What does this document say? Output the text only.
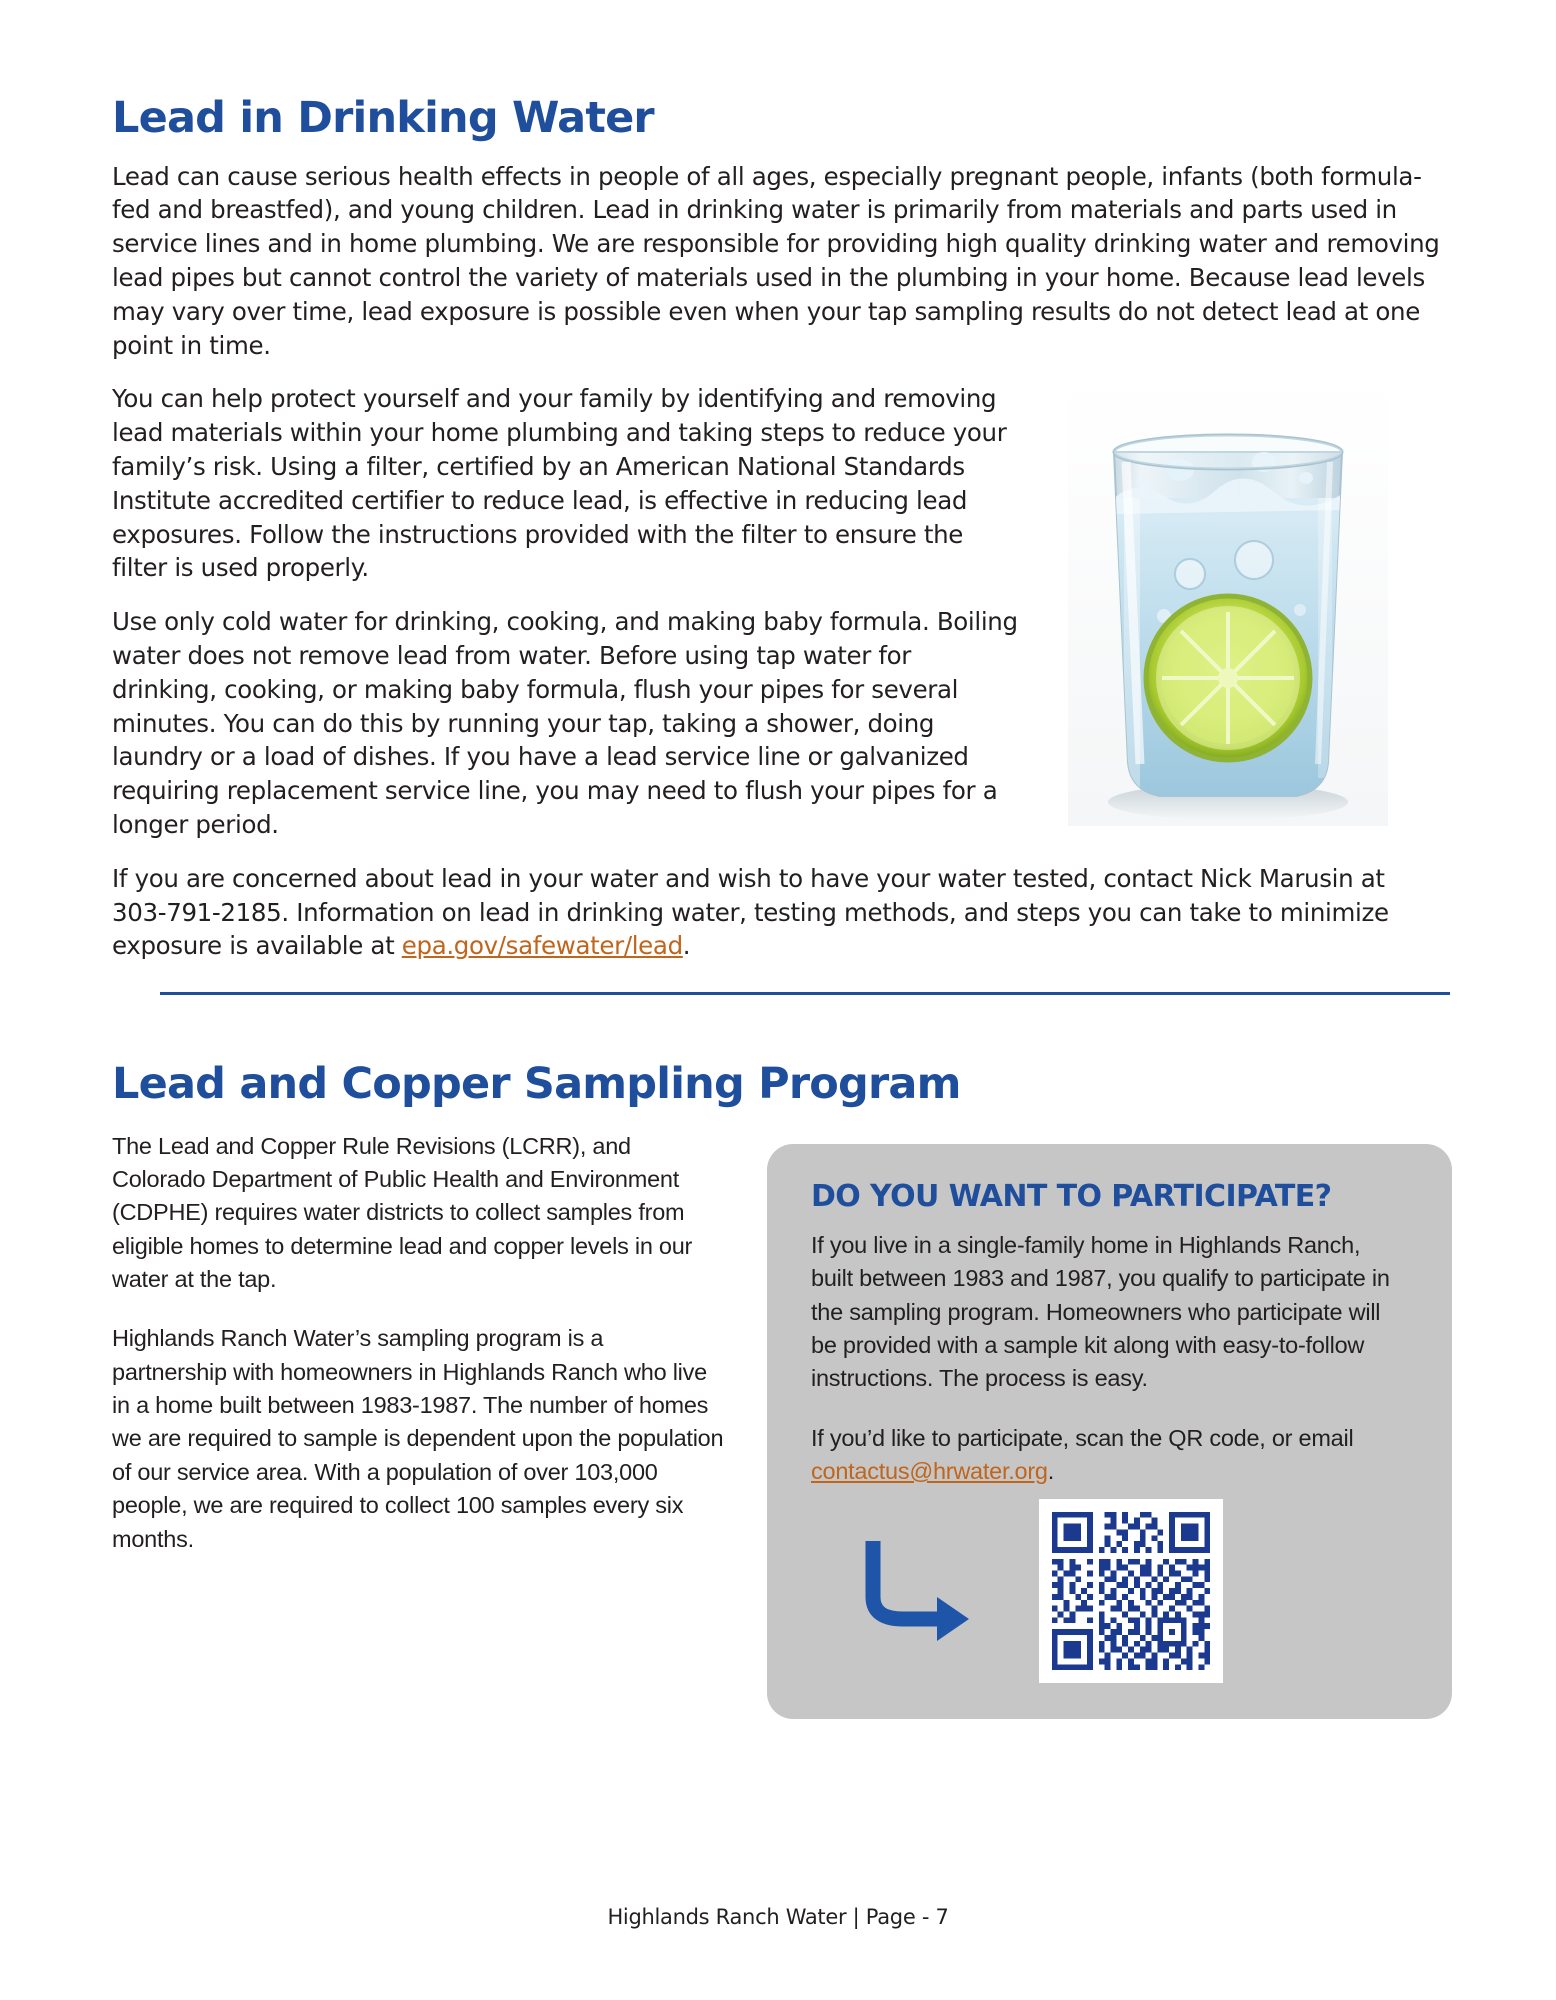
Lead in Drinking Water

Lead can cause serious health effects in people of all ages, especially pregnant people, infants (both formula-fed and breastfed), and young children. Lead in drinking water is primarily from materials and parts used in service lines and in home plumbing. We are responsible for providing high quality drinking water and removing lead pipes but cannot control the variety of materials used in the plumbing in your home. Because lead levels may vary over time, lead exposure is possible even when your tap sampling results do not detect lead at one point in time.

You can help protect yourself and your family by identifying and removing lead materials within your home plumbing and taking steps to reduce your family’s risk. Using a filter, certified by an American National Standards Institute accredited certifier to reduce lead, is effective in reducing lead exposures. Follow the instructions provided with the filter to ensure the filter is used properly.

Use only cold water for drinking, cooking, and making baby formula. Boiling water does not remove lead from water. Before using tap water for drinking, cooking, or making baby formula, flush your pipes for several minutes. You can do this by running your tap, taking a shower, doing laundry or a load of dishes. If you have a lead service line or galvanized requiring replacement service line, you may need to flush your pipes for a longer period.

If you are concerned about lead in your water and wish to have your water tested, contact Nick Marusin at 303-791-2185. Information on lead in drinking water, testing methods, and steps you can take to minimize exposure is available at epa.gov/safewater/lead.

Lead and Copper Sampling Program

The Lead and Copper Rule Revisions (LCRR), and Colorado Department of Public Health and Environment (CDPHE) requires water districts to collect samples from eligible homes to determine lead and copper levels in our water at the tap.

Highlands Ranch Water’s sampling program is a partnership with homeowners in Highlands Ranch who live in a home built between 1983-1987. The number of homes we are required to sample is dependent upon the population of our service area. With a population of over 103,000 people, we are required to collect 100 samples every six months.

DO YOU WANT TO PARTICIPATE?

If you live in a single-family home in Highlands Ranch, built between 1983 and 1987, you qualify to participate in the sampling program. Homeowners who participate will be provided with a sample kit along with easy-to-follow instructions. The process is easy.

If you’d like to participate, scan the QR code, or email contactus@hrwater.org.

Highlands Ranch Water | Page - 7
